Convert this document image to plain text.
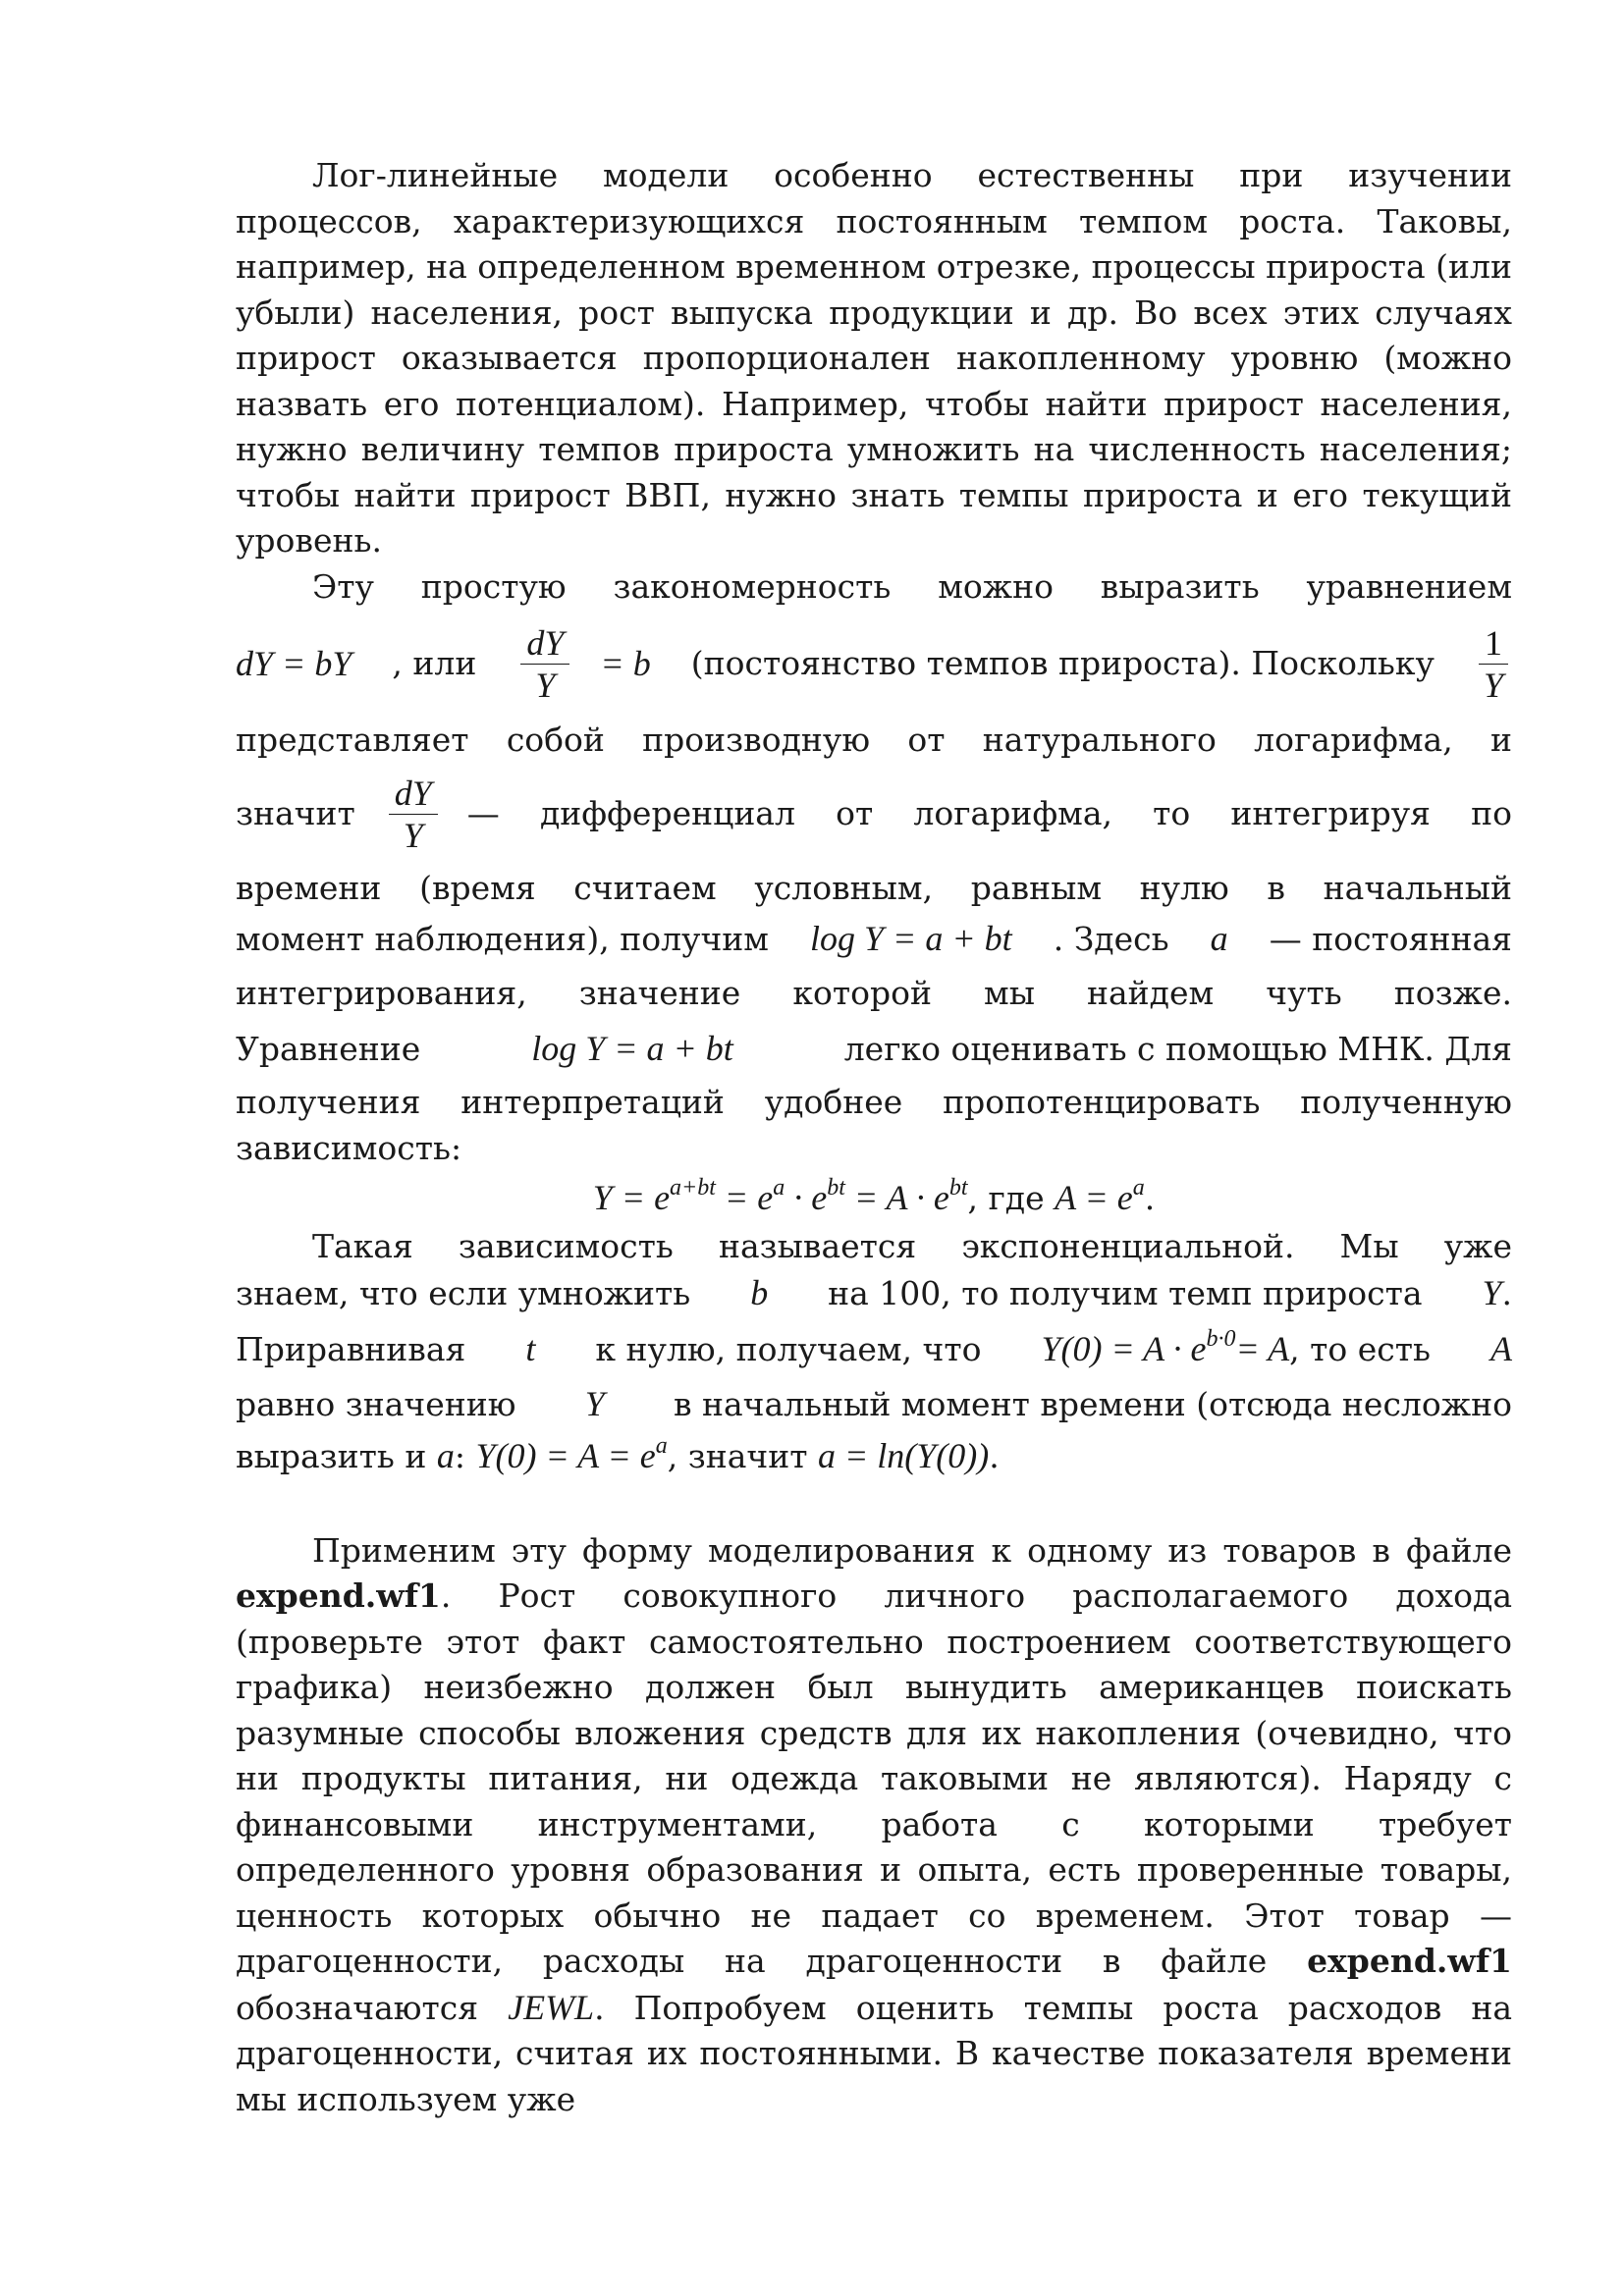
Лог-линейные модели особенно естественны при изучении процессов, характеризующихся постоянным темпом роста. Таковы, например, на определенном временном отрезке, процессы прироста (или убыли) населения, рост выпуска продукции и др. Во всех этих случаях прирост оказывается пропорционален накопленному уровню (можно назвать его потенциалом). Например, чтобы найти прирост населения, нужно величину темпов прироста умножить на численность населения; чтобы найти прирост ВВП, нужно знать темпы прироста и его текущий уровень.

Эту простую закономерность можно выразить уравнением

dY = bY , или $\frac{dY}{Y} = b$ (постоянство темпов прироста). Поскольку $\frac{1}{Y}$

представляет собой производную от натурального логарифма, и

значит $\frac{dY}{Y}$ — дифференциал от логарифма, то интегрируя по

времени (время считаем условным, равным нулю в начальный

момент наблюдения), получим log Y = a + bt . Здесь a — постоянная

интегрирования, значение которой мы найдем чуть позже.

Уравнение	log Y = a + bt	легко оценивать с помощью МНК. Для

получения интерпретаций удобнее пропотенцировать полученную зависимость:

$Y = e^{a+bt} = e^a \cdot e^{bt} = A \cdot e^{bt}$, где $A = e^a$.

Такая зависимость называется экспоненциальной. Мы уже

знаем, что если умножить b на 100, то получим темп прироста Y.
Приравнивая t к нулю, получаем, что $Y(0) = A \cdot e^{b\cdot 0}= A$, то есть A
равно значению Y в начальный момент времени (отсюда несложно
выразить и a: $Y(0) = A = e^a$, значит a = ln(Y(0)).

Применим эту форму моделирования к одному из товаров в файле expend.wf1. Рост совокупного личного располагаемого дохода (проверьте этот факт самостоятельно построением соответствующего графика) неизбежно должен был вынудить американцев поискать разумные способы вложения средств для их накопления (очевидно, что ни продукты питания, ни одежда таковыми не являются). Наряду с финансовыми инструментами, работа с которыми требует определенного уровня образования и опыта, есть проверенные товары, ценность которых обычно не падает со временем. Этот товар — драгоценности, расходы на драгоценности в файле expend.wf1 обозначаются JEWL. Попробуем оценить темпы роста расходов на драгоценности, считая их постоянными. В качестве показателя времени мы используем уже
